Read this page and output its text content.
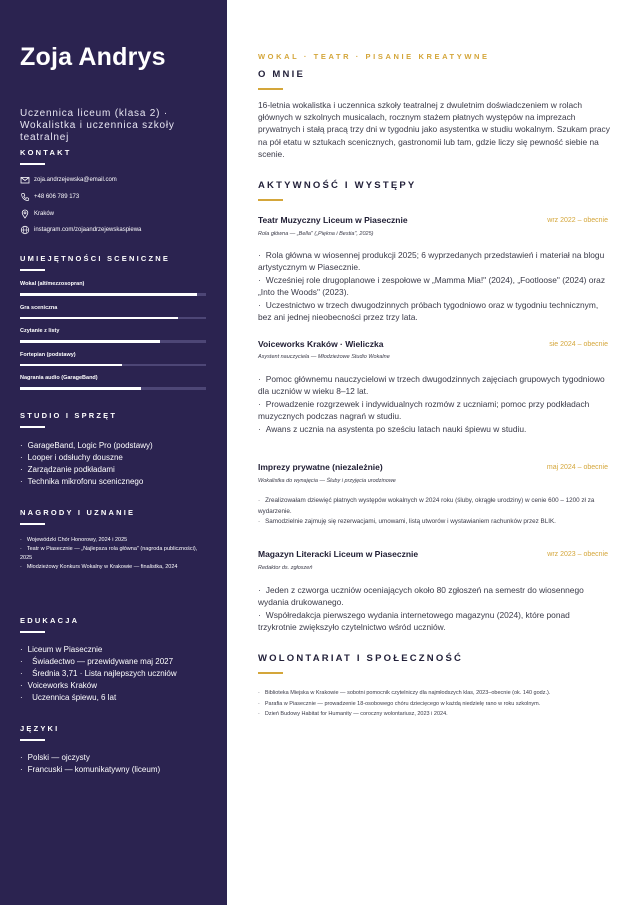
Zoja Andrys
Uczennica liceum (klasa 2) · Wokalistka i uczennica szkoły teatralnej
KONTAKT
zoja.andrzejewska@email.com
+48 606 789 173
Kraków
instagram.com/zojaandrzejewskaspiewa
UMIEJĘTNOŚCI SCENICZNE
Wokal (alt/mezzosopran)
Gra sceniczna
Czytanie z listy
Fortepian (podstawy)
Nagrania audio (GarageBand)
STUDIO I SPRZĘT
· GarageBand, Logic Pro (podstawy)
· Looper i odsłuchy douszne
· Zarządzanie podkładami
· Technika mikrofonu scenicznego
NAGRODY I UZNANIE
· Wojewódzki Chór Honorowy, 2024 i 2025
· Teatr w Piasecznie — „Najlepsza rola główna" (nagroda publiczności), 2025
· Młodzieżowy Konkurs Wokalny w Krakowie — finalistka, 2024
EDUKACJA
· Liceum w Piasecznie
·   Świadectwo — przewidywane maj 2027
·   Średnia 3,71 · Lista najlepszych uczniów
· Voiceworks Kraków
·   Uczennica śpiewu, 6 lat
JĘZYKI
· Polski — ojczysty
· Francuski — komunikatywny (liceum)
WOKAL · TEATR · PISANIE KREATYWNE
O MNIE
16-letnia wokalistka i uczennica szkoły teatralnej z dwuletnim doświadczeniem w rolach głównych w szkolnych musicalach, rocznym stażem płatnych występów na imprezach prywatnych i stałą pracą trzy dni w tygodniu jako asystentka w studiu wokalnym. Szukam pracy na pół etatu w sztukach scenicznych, gastronomii lub tam, gdzie liczy się pewność siebie na scenie.
AKTYWNOŚĆ I WYSTĘPY
Teatr Muzyczny Liceum w Piasecznie	wrz 2022 – obecnie
Rola główna — „Bella" („Piękna i Bestia", 2025)
· Rola główna w wiosennej produkcji 2025; 6 wyprzedanych przedstawień i materiał na blogu artystycznym w Piasecznie.
· Wcześniej role drugoplanowe i zespołowe w „Mamma Mia!" (2024), „Footloose" (2024) oraz „Into the Woods" (2023).
· Uczestnictwo w trzech dwugodzinnych próbach tygodniowo oraz w tygodniu technicznym, bez ani jednej nieobecności przez trzy lata.
Voiceworks Kraków · Wieliczka	sie 2024 – obecnie
Asystent nauczyciela — Młodzieżowe Studio Wokalne
· Pomoc głównemu nauczycielowi w trzech dwugodzinnych zajęciach grupowych tygodniowo dla uczniów w wieku 8–12 lat.
· Prowadzenie rozgrzewek i indywidualnych rozmów z uczniami; pomoc przy podkładach muzycznych podczas nagrań w studiu.
· Awans z ucznia na asystenta po sześciu latach nauki śpiewu w studiu.
Imprezy prywatne (niezależnie)	maj 2024 – obecnie
Wokalistka do wynajęcia — Śluby i przyjęcia urodzinowe
· Zrealizowałam dziewięć płatnych występów wokalnych w 2024 roku (śluby, okrągłe urodziny) w cenie 600 – 1200 zł za wydarzenie.
· Samodzielnie zajmuję się rezerwacjami, umowami, listą utworów i wystawianiem rachunków przez BLIK.
Magazyn Literacki Liceum w Piasecznie	wrz 2023 – obecnie
Redaktor ds. zgłoszeń
· Jeden z czworga uczniów oceniających około 80 zgłoszeń na semestr do wiosennego wydania drukowanego.
· Współredakcja pierwszego wydania internetowego magazynu (2024), które ponad trzykrotnie zwiększyło czytelnictwo wśród uczniów.
WOLONTARIAT I SPOŁECZNOŚĆ
· Biblioteka Miejska w Krakowie — sobotni pomocnik czytelniczy dla najmłodszych klas, 2023–obecnie (ok. 140 godz.).
· Parafia w Piasecznie — prowadzenie 18-osobowego chóru dziecięcego w każdą niedzielę rano w roku szkolnym.
· Dzień Budowy Habitat for Humanity — coroczny wolontariusz, 2023 i 2024.
